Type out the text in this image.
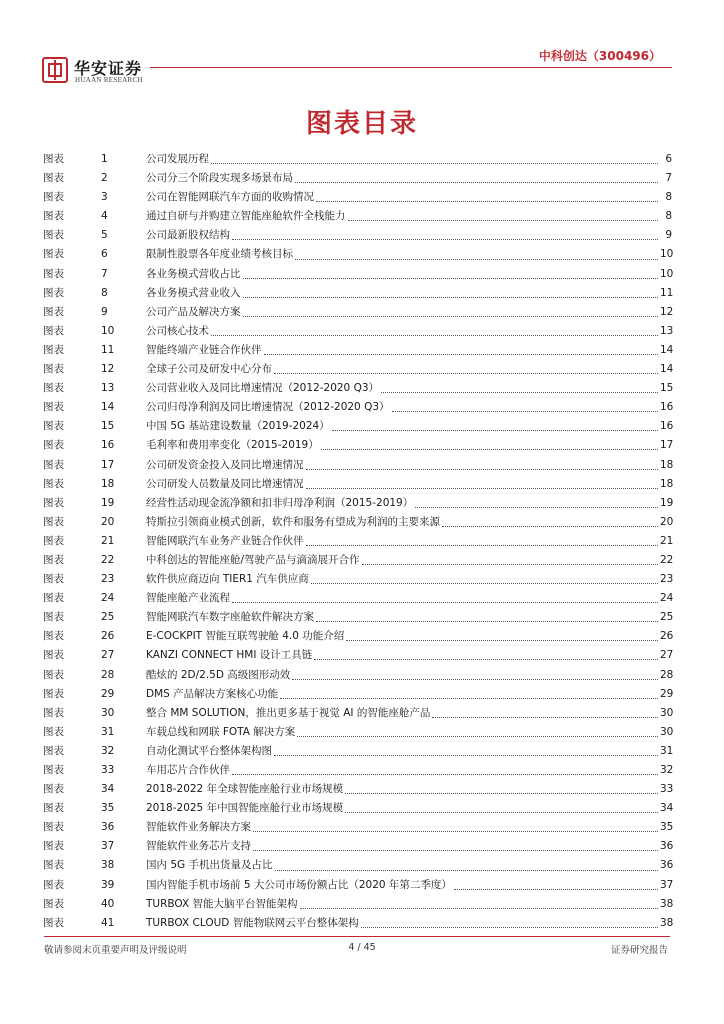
华安证券
HUAAN RESEARCH
中科创达（300496）
图表目录
图表	1	公司发展历程	6
图表	2	公司分三个阶段实现多场景布局	7
图表	3	公司在智能网联汽车方面的收购情况	8
图表	4	通过自研与并购建立智能座舱软件全栈能力	8
图表	5	公司最新股权结构	9
图表	6	限制性股票各年度业绩考核目标	10
图表	7	各业务模式营收占比	10
图表	8	各业务模式营业收入	11
图表	9	公司产品及解决方案	12
图表	10	公司核心技术	13
图表	11	智能终端产业链合作伙伴	14
图表	12	全球子公司及研发中心分布	14
图表	13	公司营业收入及同比增速情况（2012-2020 Q3）	15
图表	14	公司归母净利润及同比增速情况（2012-2020 Q3）	16
图表	15	中国 5G 基站建设数量（2019-2024）	16
图表	16	毛利率和费用率变化（2015-2019）	17
图表	17	公司研发资金投入及同比增速情况	18
图表	18	公司研发人员数量及同比增速情况	18
图表	19	经营性活动现金流净额和扣非归母净利润（2015-2019）	19
图表	20	特斯拉引领商业模式创新，软件和服务有望成为利润的主要来源	20
图表	21	智能网联汽车业务产业链合作伙伴	21
图表	22	中科创达的智能座舱/驾驶产品与滴滴展开合作	22
图表	23	软件供应商迈向 TIER1 汽车供应商	23
图表	24	智能座舱产业流程	24
图表	25	智能网联汽车数字座舱软件解决方案	25
图表	26	E-COCKPIT 智能互联驾驶舱 4.0 功能介绍	26
图表	27	KANZI CONNECT HMI 设计工具链	27
图表	28	酷炫的 2D/2.5D 高级图形动效	28
图表	29	DMS 产品解决方案核心功能	29
图表	30	整合 MM SOLUTION，推出更多基于视觉 AI 的智能座舱产品	30
图表	31	车载总线和网联 FOTA 解决方案	30
图表	32	自动化测试平台整体架构图	31
图表	33	车用芯片合作伙伴	32
图表	34	2018-2022 年全球智能座舱行业市场规模	33
图表	35	2018-2025 年中国智能座舱行业市场规模	34
图表	36	智能软件业务解决方案	35
图表	37	智能软件业务芯片支持	36
图表	38	国内 5G 手机出货量及占比	36
图表	39	国内智能手机市场前 5 大公司市场份额占比（2020 年第二季度）	37
图表	40	TURBOX 智能大脑平台智能架构	38
图表	41	TURBOX CLOUD 智能物联网云平台整体架构	38
敬请参阅末页重要声明及评级说明	4 / 45	证券研究报告
